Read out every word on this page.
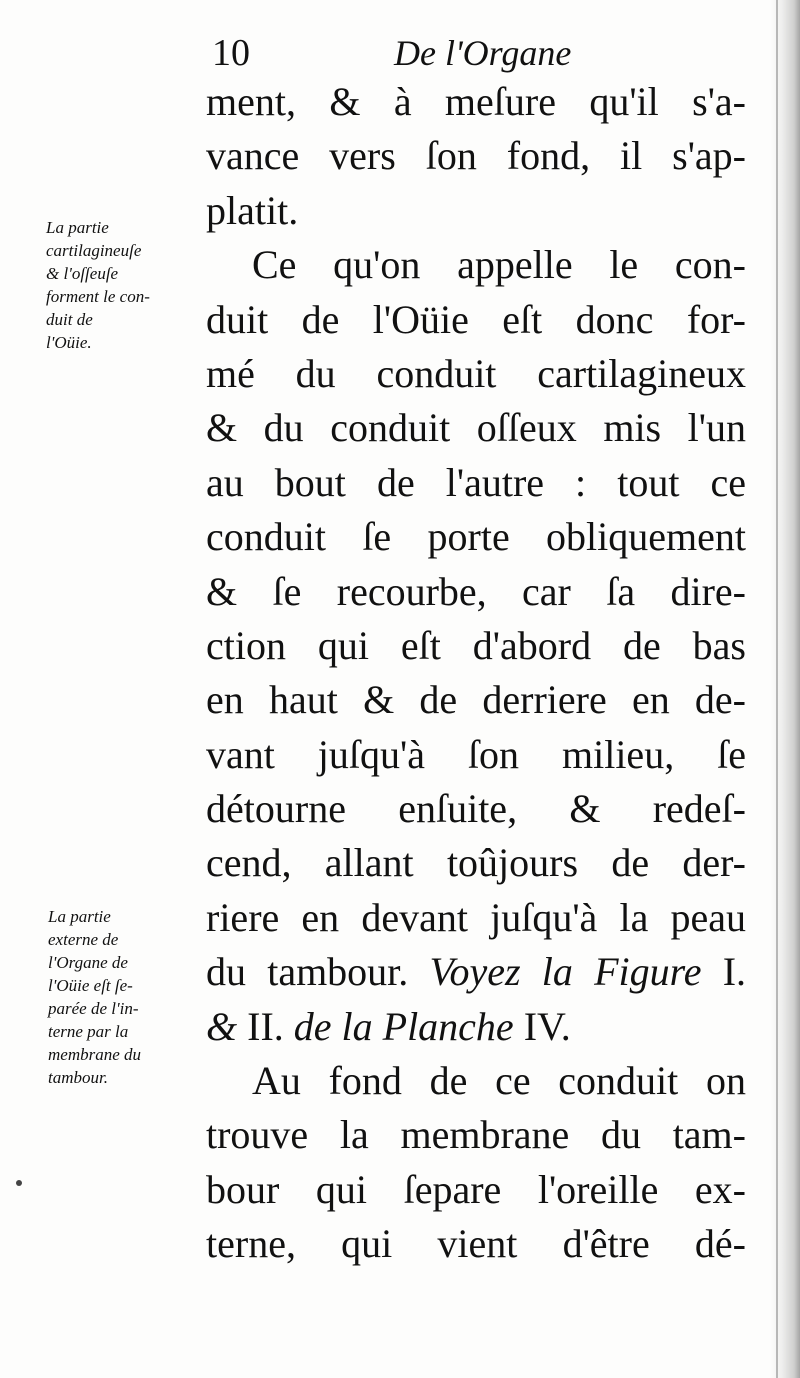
10	De l'Organe
ment, & à meſure qu'il s'a-
vance vers ſon fond, il s'ap-
platit.
Ce qu'on appelle le con-
duit de l'Oüie eſt donc for-
mé du conduit cartilagineux
& du conduit oſſeux mis l'un
au bout de l'autre : tout ce
conduit ſe porte obliquement
& ſe recourbe, car ſa dire-
ction qui eſt d'abord de bas
en haut & de derriere en de-
vant juſqu'à ſon milieu, ſe
détourne enſuite, & redeſ-
cend, allant toûjours de der-
riere en devant juſqu'à la peau
du tambour. Voyez la Figure I.
& II. de la Planche IV.
Au fond de ce conduit on
trouve la membrane du tam-
bour qui ſepare l'oreille ex-
terne, qui vient d'être dé-
La partie
cartilagineuſe
& l'oſſeuſe
forment le con-
duit de
l'Oüie.
La partie
externe de
l'Organe de
l'Oüie eſt ſe-
parée de l'in-
terne par la
membrane du
tambour.
